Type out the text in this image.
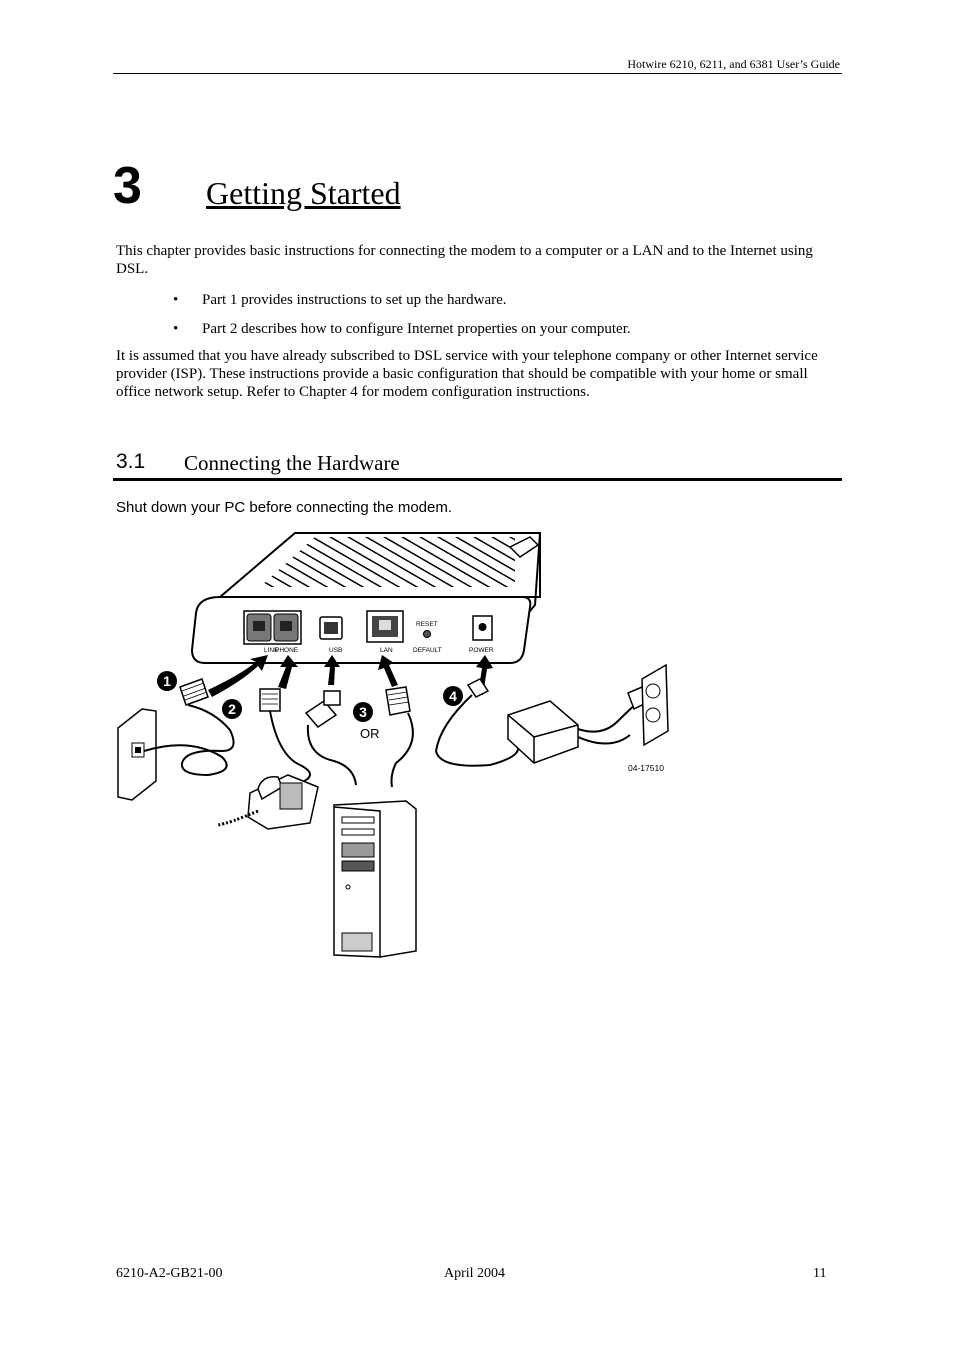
Hotwire 6210, 6211, and 6381 User’s Guide
3 Getting Started

This chapter provides basic instructions for connecting the modem to a computer or a LAN and to the Internet using DSL.

• Part 1 provides instructions to set up the hardware.
• Part 2 describes how to configure Internet properties on your computer.

It is assumed that you have already subscribed to DSL service with your telephone company or other Internet service provider (ISP). These instructions provide a basic configuration that should be compatible with your home or small office network setup. Refer to Chapter 4 for modem configuration instructions.

3.1 Connecting the Hardware
Shut down your PC before connecting the modem.
LINE
PHONE	USB	LAN
RESET
DEFAULT	POWER
1
2	3
4
OR
04-17510
6210-A2-GB21-00	April 2004	11
